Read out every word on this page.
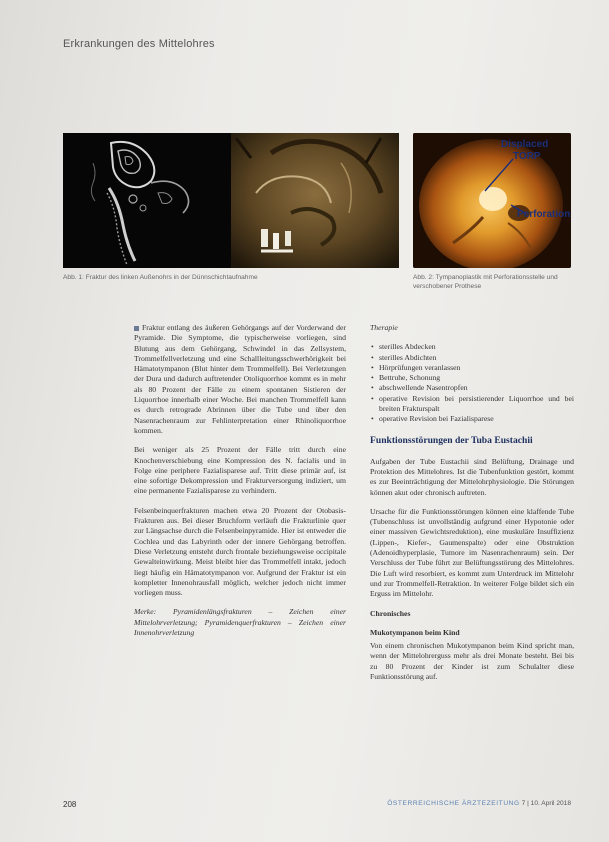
Erkrankungen des Mittelohres
Displaced
TORP
Perforation
Abb. 1: Fraktur des linken Außenohrs in der Dünnschichtaufnahme	Abb. 2: Tympanoplastik mit Perforationsstelle und verschobener Prothese

Fraktur entlang des äußeren Gehörgangs auf der Vorderwand der Pyramide. Die Symptome, die typischerweise vorliegen, sind Blutung aus dem Gehörgang, Schwindel in das Zellsystem, Trommelfellverletzung und eine Schallleitungsschwerhörigkeit bei Hämatotympanon (Blut hinter dem Trommelfell). Bei Verletzungen der Dura und dadurch auftretender Otoliquorrhoe kommt es in mehr als 80 Prozent der Fälle zu einem spontanen Sistieren der Liquorrhoe innerhalb einer Woche. Bei manchen Trommelfell kann es durch retrograde Abrinnen über die Tube und über den Nasenrachenraum zur Fehlinterpretation einer Rhinoliquorrhoe kommen.

Bei weniger als 25 Prozent der Fälle tritt durch eine Knochenverschiebung eine Kompression des N. facialis und in Folge eine periphere Fazialisparese auf. Tritt diese primär auf, ist eine sofortige Dekompression und Frakturversorgung indiziert, um eine permanente Fazialisparese zu verhindern.

Felsenbeinquerfrakturen machen etwa 20 Prozent der Otobasis-Frakturen aus. Bei dieser Bruchform verläuft die Frakturlinie quer zur Längsachse durch die Felsenbeinpyramide. Hier ist entweder die Cochlea und das Labyrinth oder der innere Gehörgang betroffen. Diese Verletzung entsteht durch frontale beziehungsweise occipitale Gewalteinwirkung. Meist bleibt hier das Trommelfell intakt, jedoch liegt häufig ein Hämatotympanon vor. Aufgrund der Fraktur ist ein kompletter Innenohrausfall möglich, welcher jedoch nicht immer vorliegen muss.

Merke: Pyramidenlängsfrakturen – Zeichen einer Mittelohrverletzung; Pyramidenquerfrakturen – Zeichen einer Innenohrverletzung

Therapie

• sterilles Abdecken
• sterilles Abdichten
• Hörprüfungen veranlassen
• Bettruhe, Schonung
• abschwellende Nasentropfen
• operative Revision bei persistierender Liquorrhoe und bei breiten Frakturspalt
• operative Revision bei Fazialisparese
Funktionsstörungen der Tuba Eustachii

Aufgaben der Tube Eustachii sind Belüftung, Drainage und Protektion des Mittelohres. Ist die Tubenfunktion gestört, kommt es zur Beeinträchtigung der Mittelohrphysiologie. Die Störungen können akut oder chronisch auftreten.

Ursache für die Funktionsstörungen können eine klaffende Tube (Tubenschluss ist unvollständig aufgrund einer Hypotonie oder einer massiven Gewichtsreduktion), eine muskuläre Insuffizienz (Lippen-, Kiefer-, Gaumenspalte) oder eine Obstruktion (Adenoidhyperplasie, Tumore im Nasenrachenraum) sein. Der Verschluss der Tube führt zur Belüftungsstörung des Mittelohres. Die Luft wird resorbiert, es kommt zum Unterdruck im Mittelohr und zur Trommelfell-Retraktion. In weiterer Folge bildet sich ein Erguss im Mittelohr.

Chronisches

Mukotympanon beim Kind

Von einem chronischen Mukotympanon beim Kind spricht man, wenn der Mittelohrerguss mehr als drei Monate besteht. Bei bis zu 80 Prozent der Kinder ist zum Schulalter diese Funktionsstörung auf.

208	ÖSTERREICHISCHE ÄRZTEZEITUNG 7 | 10. April 2018
